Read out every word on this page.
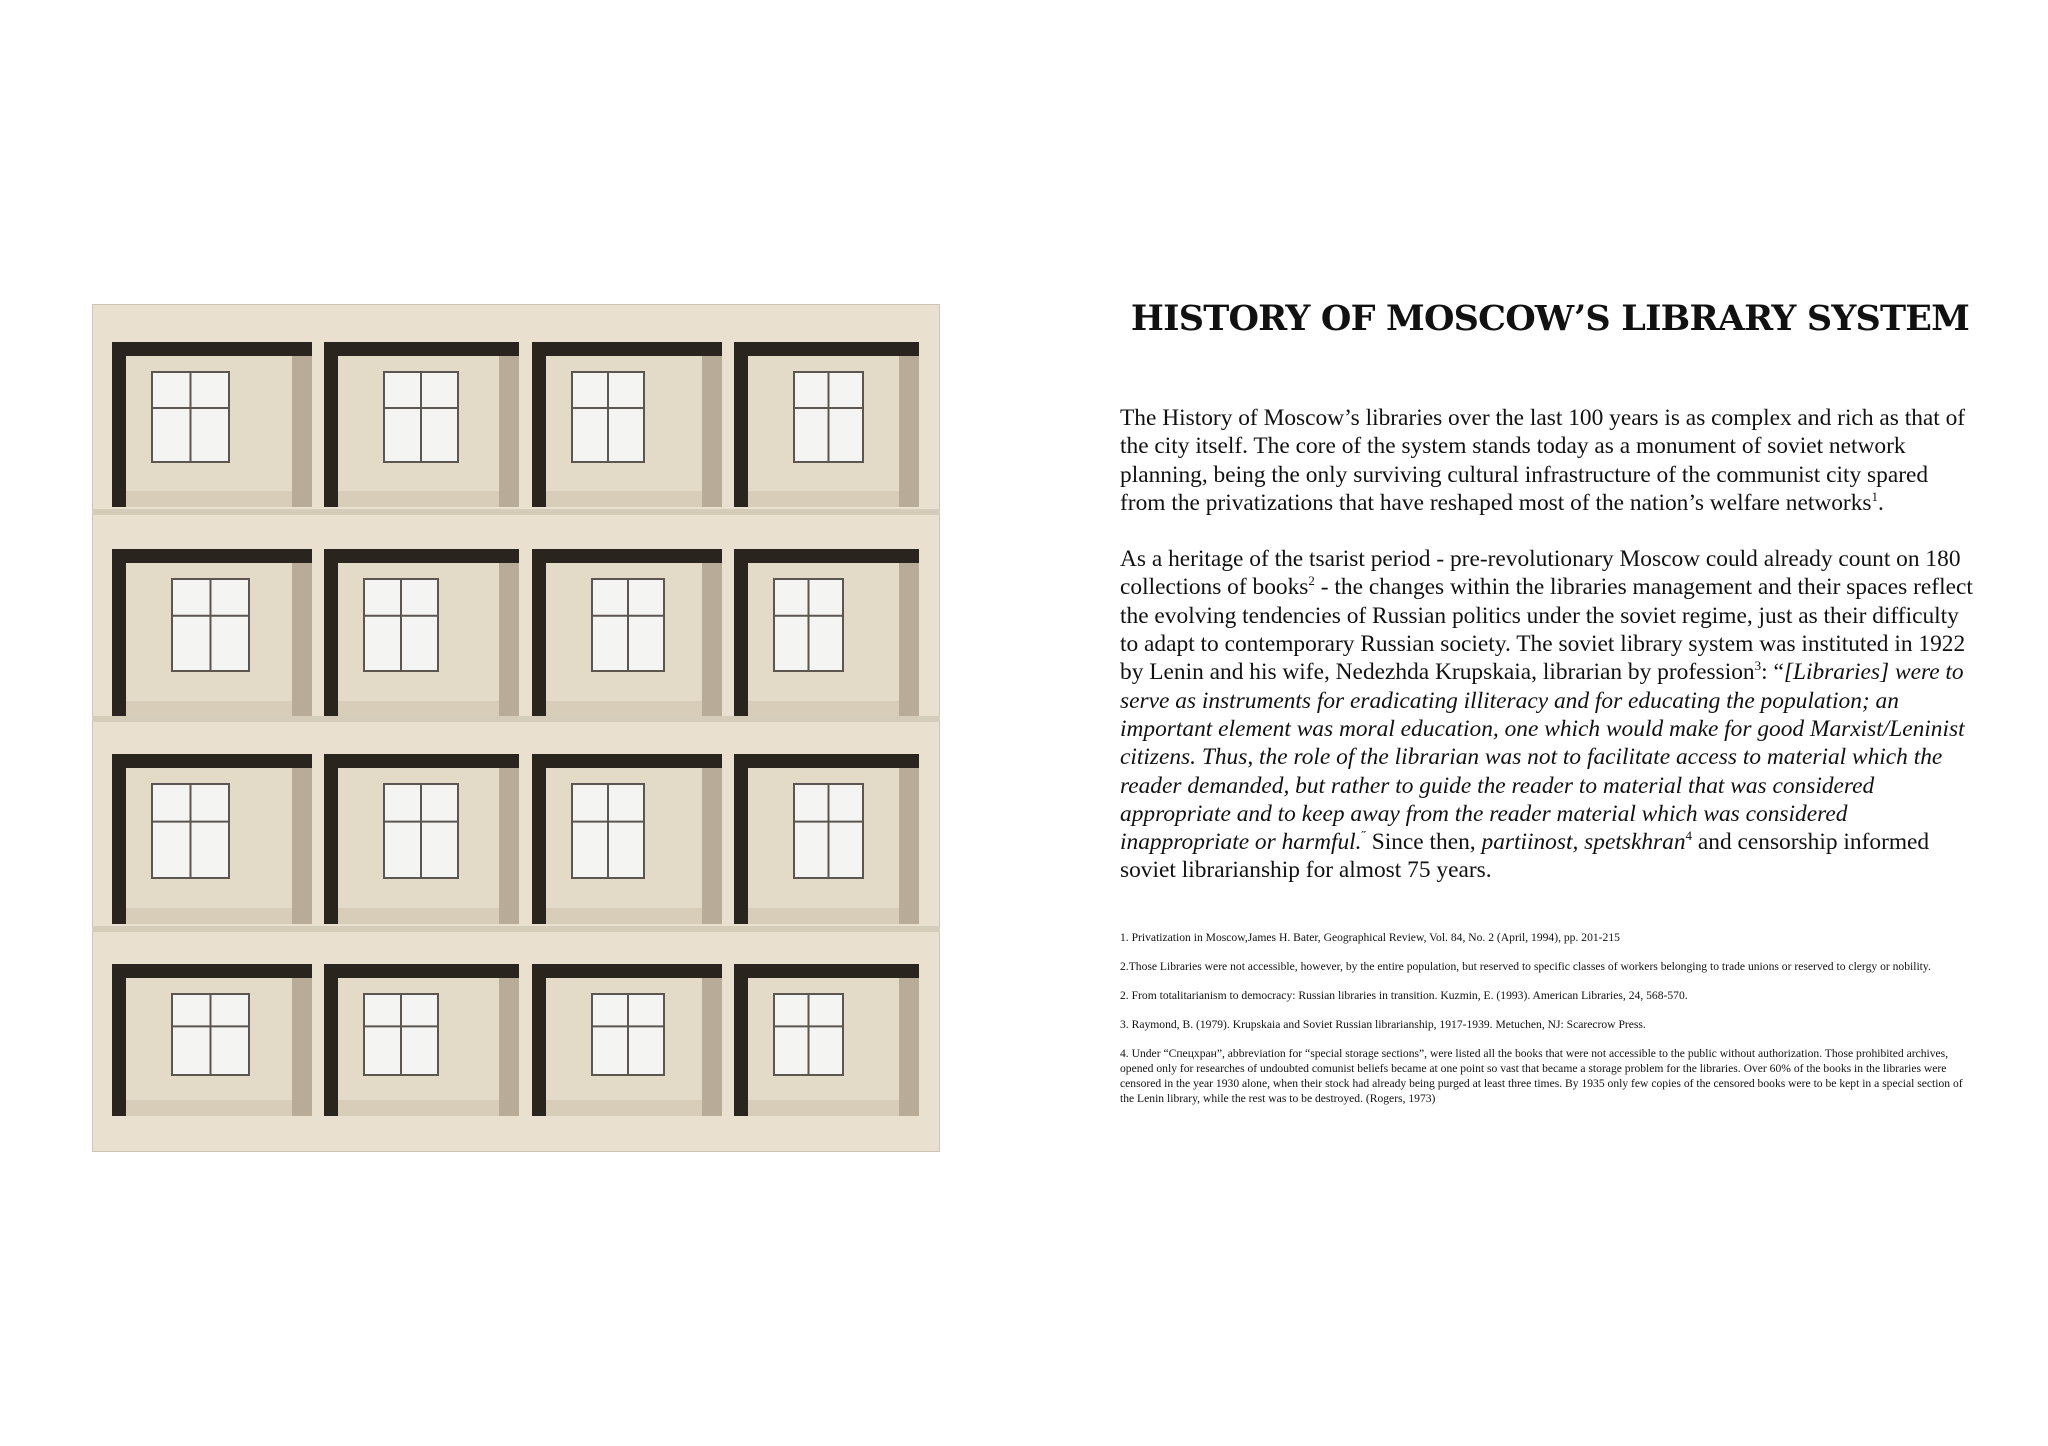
HISTORY OF MOSCOW’S LIBRARY SYSTEM

The History of Moscow’s libraries over the last 100 years is as complex and rich as that of the city itself. The core of the system stands today as a monument of soviet network planning, being the only surviving cultural infrastructure of the communist city spared from the privatizations that have reshaped most of the nation’s welfare networks$^1$.

As a heritage of the tsarist period - pre-revolutionary Moscow could already count on 180 collections of books$^2$ - the changes within the libraries management and their spaces reflect the evolving tendencies of Russian politics under the soviet regime, just as their difficulty to adapt to contemporary Russian society. The soviet library system was instituted in 1922 by Lenin and his wife, Nedezhda Krupskaia, librarian by profession$^3$: “[Libraries] were to serve as instruments for eradicating illiteracy and for educating the population; an important element was moral education, one which would make for good Marxist/Leninist citizens. Thus, the role of the librarian was not to facilitate access to material which the reader demanded, but rather to guide the reader to material that was considered appropriate and to keep away from the reader material which was considered inappropriate or harmful.˝ Since then, partiinost, spetskhran$^4$ and censorship informed soviet librarianship for almost 75 years.

1. Privatization in Moscow,James H. Bater, Geographical Review, Vol. 84, No. 2 (April, 1994), pp. 201-215

2.Those Libraries were not accessible, however, by the entire population, but reserved to specific classes of workers belonging to trade unions or reserved to clergy or nobility.

2. From totalitarianism to democracy: Russian libraries in transition. Kuzmin, E. (1993). American Libraries, 24, 568-570.

3. Raymond, B. (1979). Krupskaia and Soviet Russian librarianship, 1917-1939. Metuchen, NJ: Scarecrow Press.

4. Under “Спецхран”, abbreviation for “special storage sections”, were listed all the books that were not accessible to the public without authorization. Those prohibited archives, opened only for researches of undoubted comunist beliefs became at one point so vast that became a storage problem for the libraries. Over 60% of the books in the libraries were censored in the year 1930 alone, when their stock had already being purged at least three times. By 1935 only few copies of the censored books were to be kept in a special section of the Lenin library, while the rest was to be destroyed. (Rogers, 1973)
